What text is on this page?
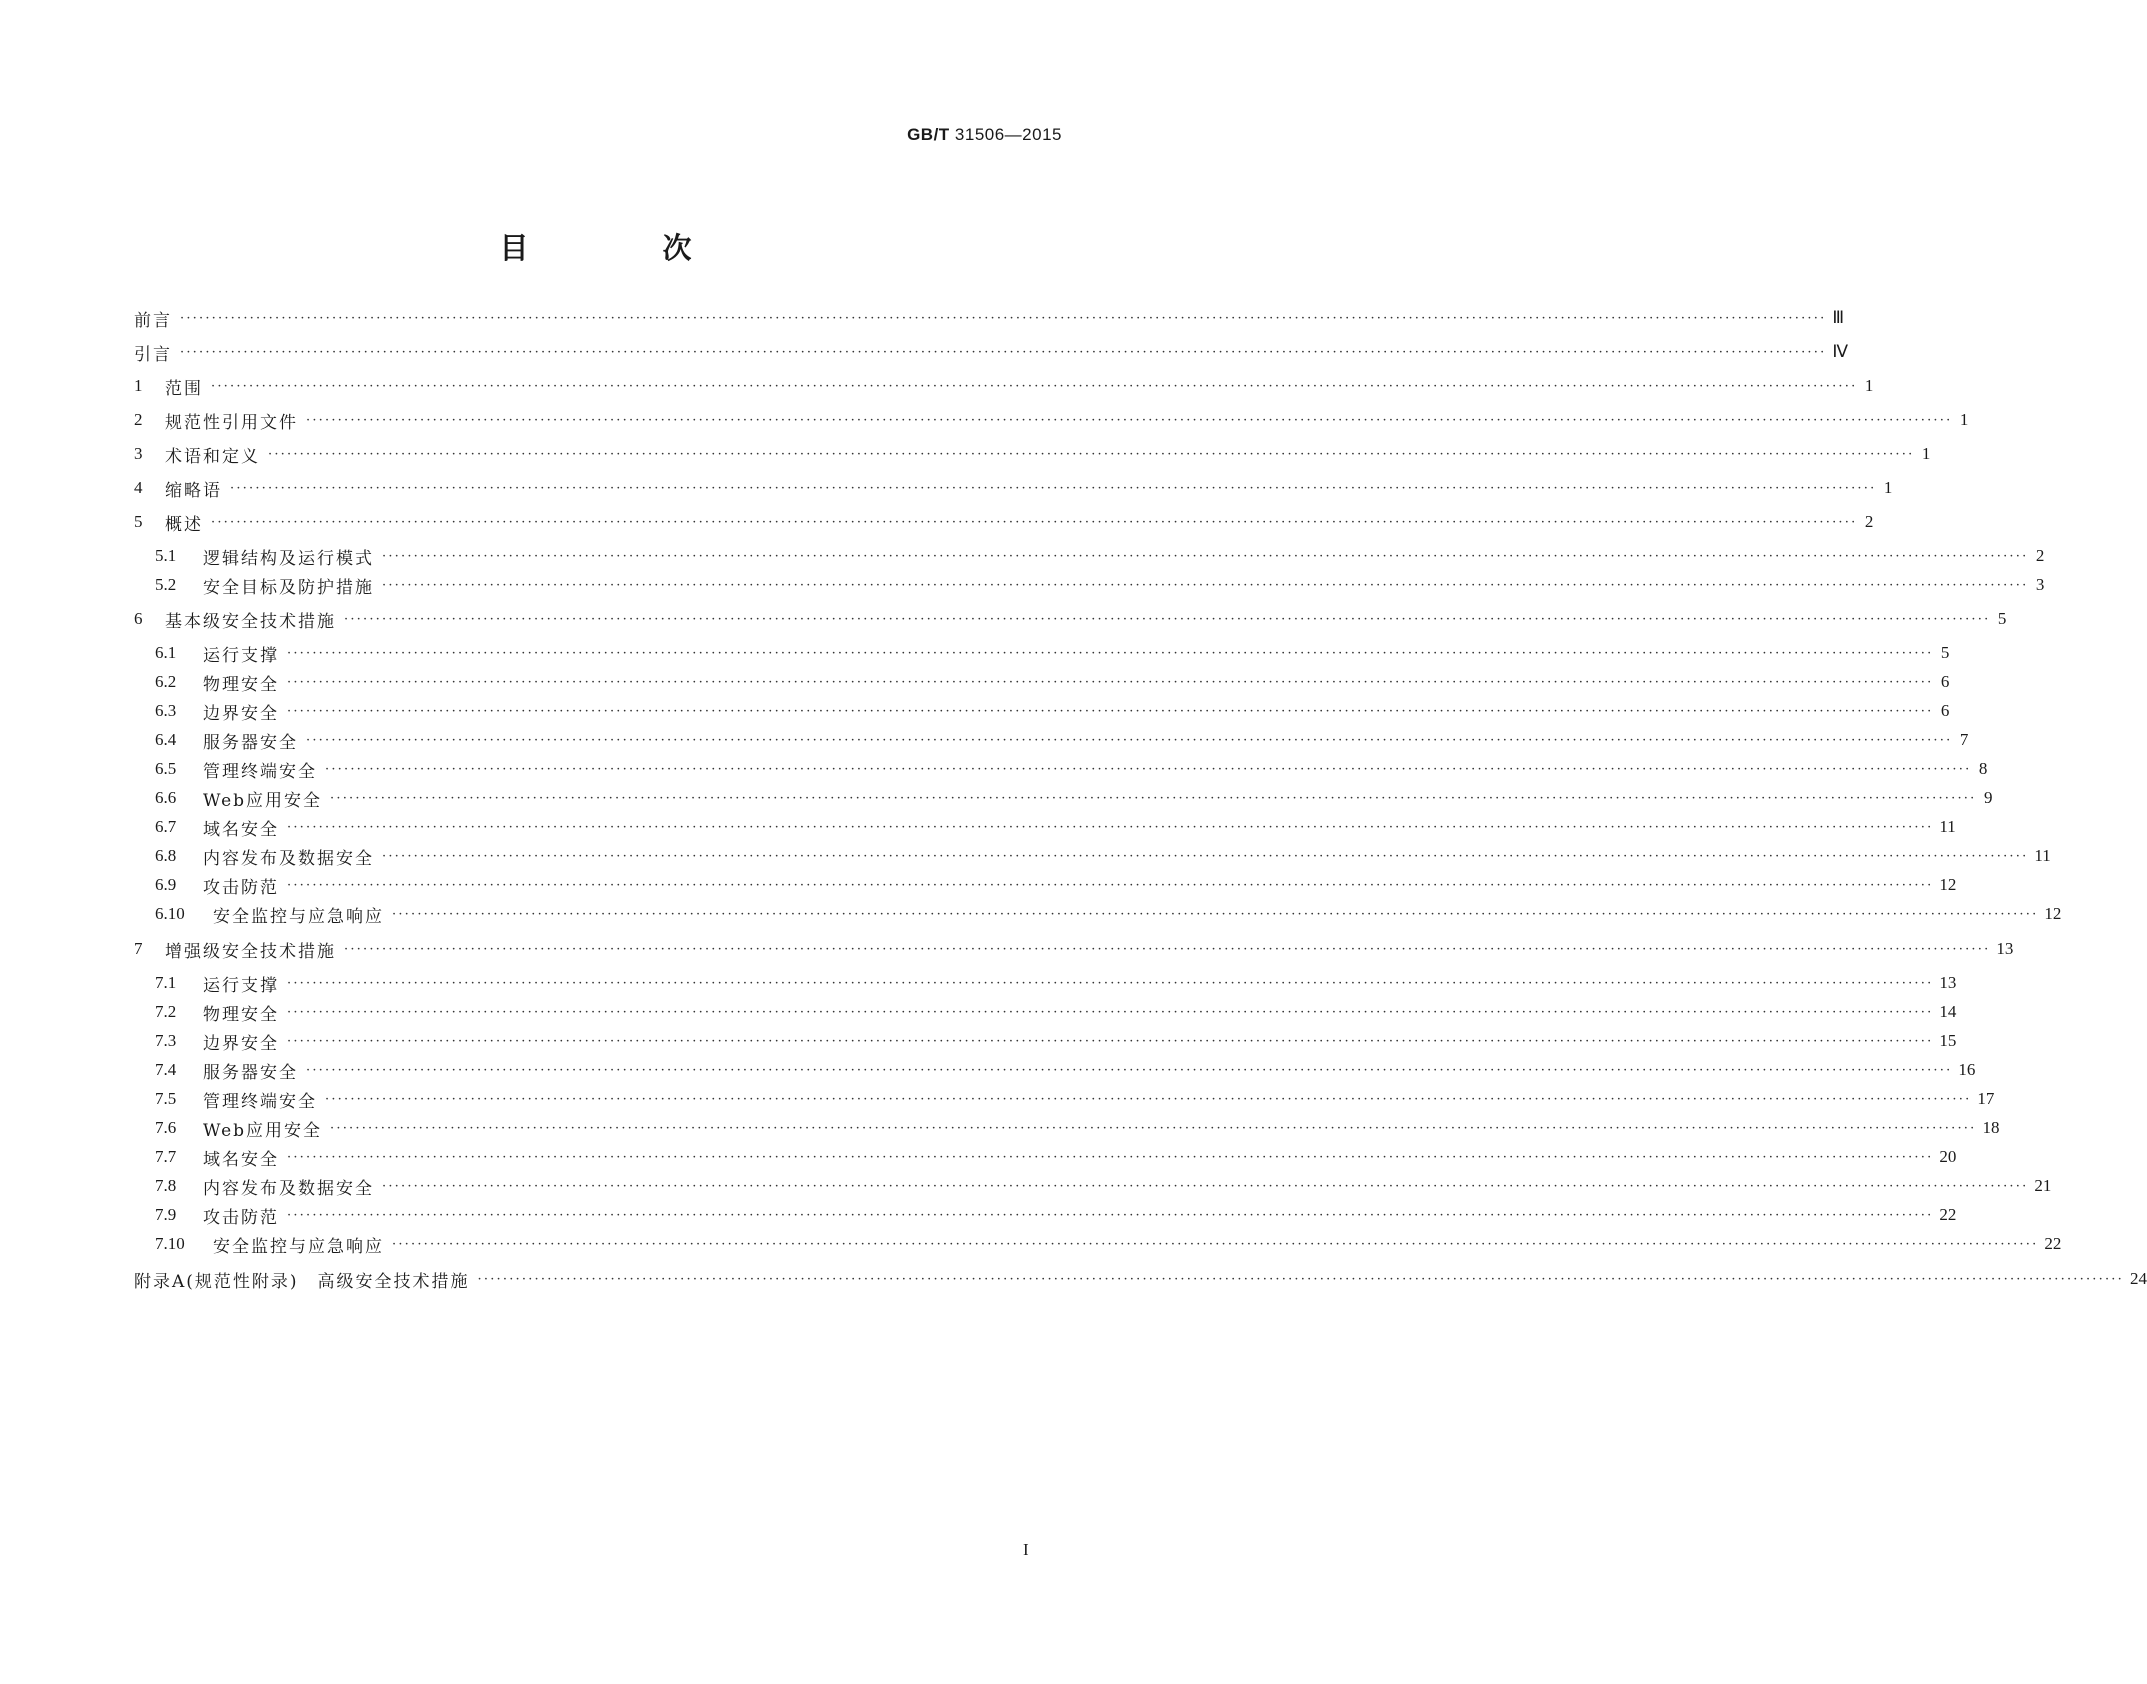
GB/T 31506—2015
目 次
前言 ···································································································································································································································································· Ⅲ
引言 ···································································································································································································································································· Ⅳ
1	范围 ···································································································································································································································································· 1
2	规范性引用文件 ···································································································································································································································································· 1
3	术语和定义 ···································································································································································································································································· 1
4	缩略语 ···································································································································································································································································· 1
5	概述 ···································································································································································································································································· 2
5.1	逻辑结构及运行模式 ···································································································································································································································································· 2
5.2	安全目标及防护措施 ···································································································································································································································································· 3
6	基本级安全技术措施 ···································································································································································································································································· 5
6.1	运行支撑 ···································································································································································································································································· 5
6.2	物理安全 ···································································································································································································································································· 6
6.3	边界安全 ···································································································································································································································································· 6
6.4	服务器安全 ···································································································································································································································································· 7
6.5	管理终端安全 ···································································································································································································································································· 8
6.6	Web应用安全 ···································································································································································································································································· 9
6.7	域名安全 ···································································································································································································································································· 11
6.8	内容发布及数据安全 ···································································································································································································································································· 11
6.9	攻击防范 ···································································································································································································································································· 12
6.10	安全监控与应急响应 ···································································································································································································································································· 12
7	增强级安全技术措施 ···································································································································································································································································· 13
7.1	运行支撑 ···································································································································································································································································· 13
7.2	物理安全 ···································································································································································································································································· 14
7.3	边界安全 ···································································································································································································································································· 15
7.4	服务器安全 ···································································································································································································································································· 16
7.5	管理终端安全 ···································································································································································································································································· 17
7.6	Web应用安全 ···································································································································································································································································· 18
7.7	域名安全 ···································································································································································································································································· 20
7.8	内容发布及数据安全 ···································································································································································································································································· 21
7.9	攻击防范 ···································································································································································································································································· 22
7.10	安全监控与应急响应 ···································································································································································································································································· 22
附录A(规范性附录)　高级安全技术措施 ···································································································································································································································································· 24
I
